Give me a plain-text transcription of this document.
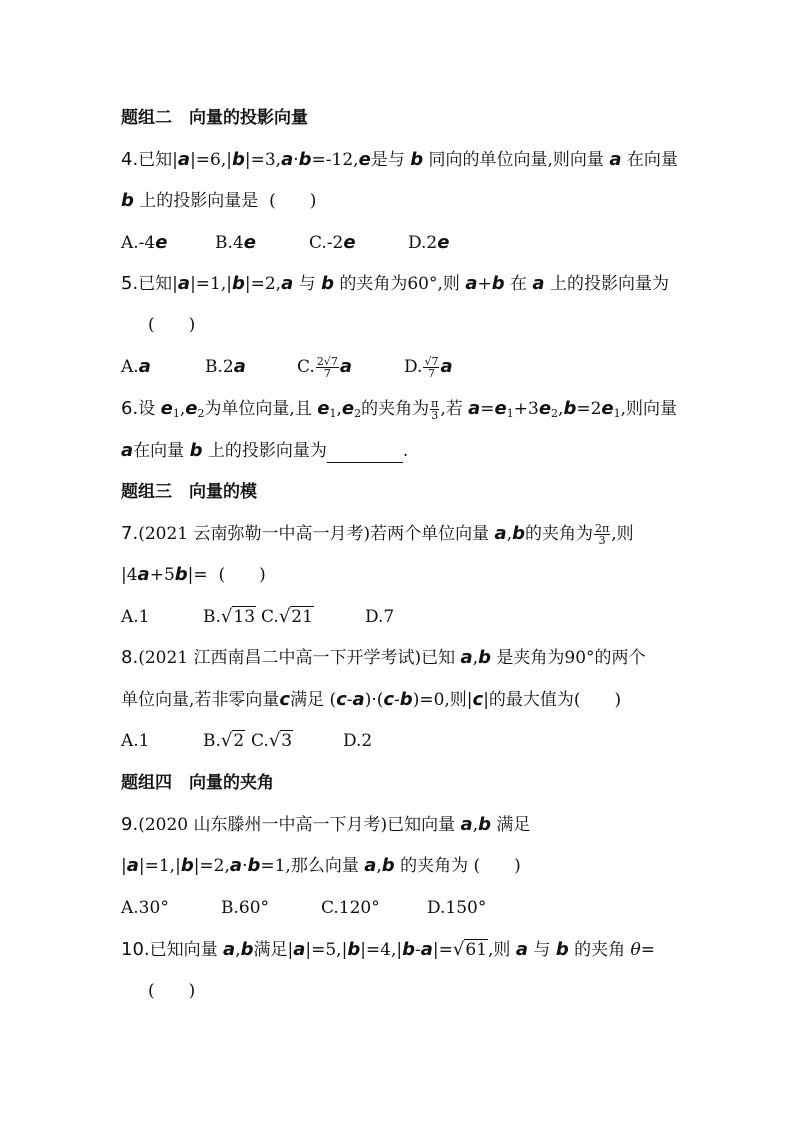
题组二　向量的投影向量
4.已知|a|=6,|b|=3,a·b=-12,e是与 b 同向的单位向量,则向量 a 在向量
b 上的投影向量是 (　　)
A.-4e	B.4e	C.-2e	D.2e
5.已知|a|=1,|b|=2,a 与 b 的夹角为60°,则 a+b 在 a 上的投影向量为
(　　)
A.a	B.2a	C. $\frac{2√7}{7}$ a	D. $\frac{√7}{7}$ a
6.设 $e_1,e_2$为单位向量,且 $e_1,e_2$的夹角为 $\frac{\pi}{3}$ ,若 $a=e_1+3e_2,b=2e_1$,则向量
a在向量 b 上的投影向量为	.
题组三　向量的模
7.(2021 云南弥勒一中高一月考)若两个单位向量 a,b的夹角为 $\frac{2\pi}{3}$ ,则
|4a+5b|= (　　)
A.1	B.√13 C.√21	D.7
8.(2021 江西南昌二中高一下开学考试)已知 a,b 是夹角为90°的两个
单位向量,若非零向量c满足 (c-a)·(c-b)=0,则|c|的最大值为(　　)
A.1	B.√2 C.√3	D.2
题组四　向量的夹角
9.(2020 山东滕州一中高一下月考)已知向量 a,b 满足
|a|=1,|b|=2,a·b=1,那么向量 a,b 的夹角为 (　　)
A.30°	B.60°	C.120°	D.150°
10.已知向量 a,b满足|a|=5,|b|=4,|b-a|=√61,则 a 与 b 的夹角 θ=
(　　)
